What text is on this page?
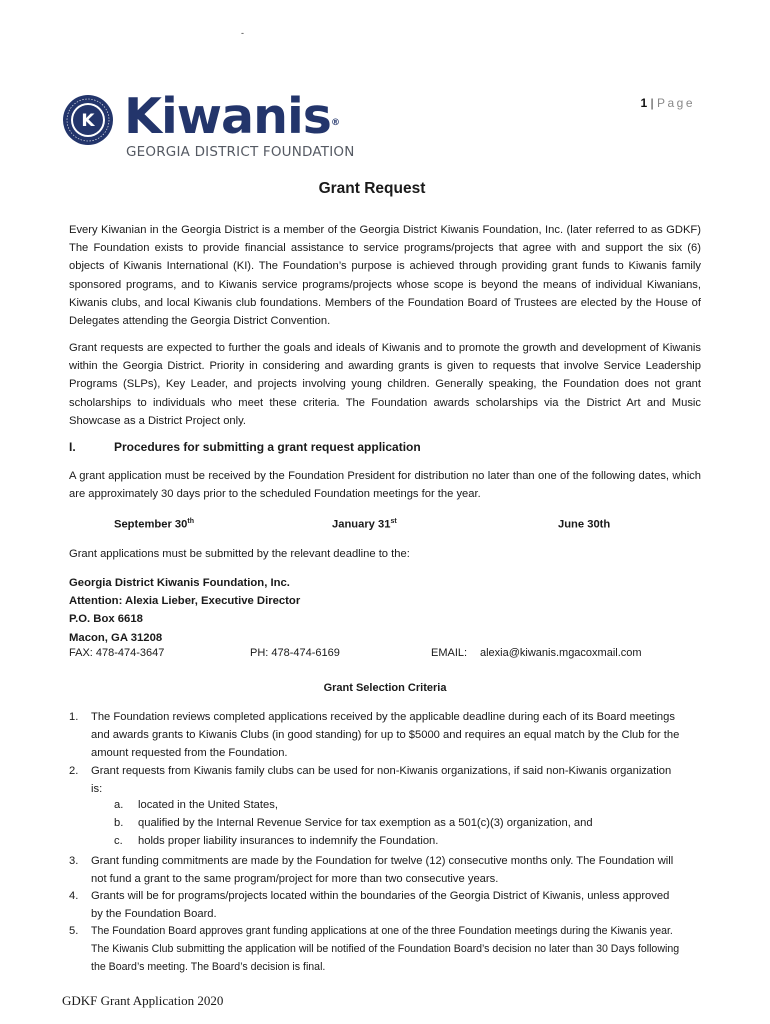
-
K Kiwanis®
GEORGIA DISTRICT FOUNDATION
1 | Page
Grant Request
Every Kiwanian in the Georgia District is a member of the Georgia District Kiwanis Foundation, Inc. (later referred to as GDKF) The Foundation exists to provide financial assistance to service programs/projects that agree with and support the six (6) objects of Kiwanis International (KI). The Foundation’s purpose is achieved through providing grant funds to Kiwanis family sponsored programs, and to Kiwanis service programs/projects whose scope is beyond the means of individual Kiwanians, Kiwanis clubs, and local Kiwanis club foundations. Members of the Foundation Board of Trustees are elected by the House of Delegates attending the Georgia District Convention.
Grant requests are expected to further the goals and ideals of Kiwanis and to promote the growth and development of Kiwanis within the Georgia District. Priority in considering and awarding grants is given to requests that involve Service Leadership Programs (SLPs), Key Leader, and projects involving young children. Generally speaking, the Foundation does not grant scholarships to individuals who meet these criteria. The Foundation awards scholarships via the District Art and Music Showcase as a District Project only.
I.	Procedures for submitting a grant request application
A grant application must be received by the Foundation President for distribution no later than one of the following dates, which are approximately 30 days prior to the scheduled Foundation meetings for the year.
September 30th	January 31st	June 30th
Grant applications must be submitted by the relevant deadline to the:
Georgia District Kiwanis Foundation, Inc.
Attention: Alexia Lieber, Executive Director
P.O. Box 6618
Macon, GA 31208
FAX: 478-474-3647	PH: 478-474-6169	EMAIL: alexia@kiwanis.mgacoxmail.com
Grant Selection Criteria
1. The Foundation reviews completed applications received by the applicable deadline during each of its Board meetings and awards grants to Kiwanis Clubs (in good standing) for up to $5000 and requires an equal match by the Club for the amount requested from the Foundation.
2. Grant requests from Kiwanis family clubs can be used for non-Kiwanis organizations, if said non-Kiwanis organization is:
a. located in the United States,
b. qualified by the Internal Revenue Service for tax exemption as a 501(c)(3) organization, and
c. holds proper liability insurances to indemnify the Foundation.
3. Grant funding commitments are made by the Foundation for twelve (12) consecutive months only. The Foundation will not fund a grant to the same program/project for more than two consecutive years.
4. Grants will be for programs/projects located within the boundaries of the Georgia District of Kiwanis, unless approved by the Foundation Board.
5. The Foundation Board approves grant funding applications at one of the three Foundation meetings during the Kiwanis year. The Kiwanis Club submitting the application will be notified of the Foundation Board’s decision no later than 30 Days following the Board’s meeting. The Board’s decision is final.
GDKF Grant Application 2020
